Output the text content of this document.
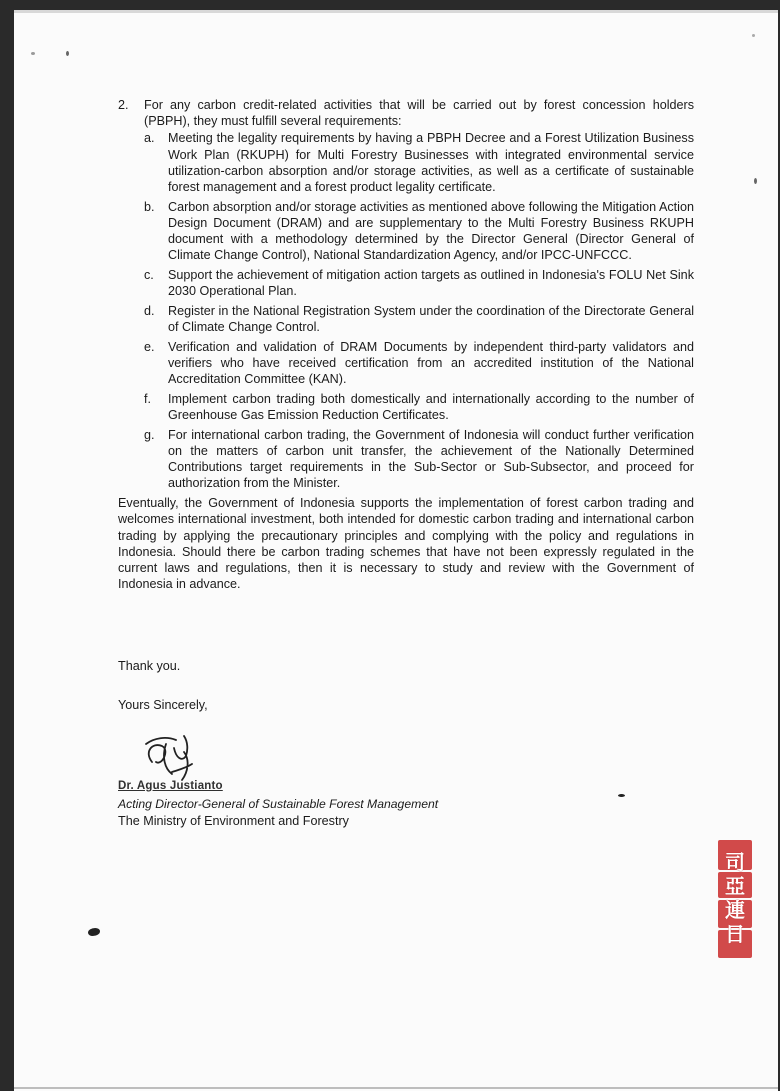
2. For any carbon credit-related activities that will be carried out by forest concession holders (PBPH), they must fulfill several requirements:
a. Meeting the legality requirements by having a PBPH Decree and a Forest Utilization Business Work Plan (RKUPH) for Multi Forestry Businesses with integrated environmental service utilization-carbon absorption and/or storage activities, as well as a certificate of sustainable forest management and a forest product legality certificate.
b. Carbon absorption and/or storage activities as mentioned above following the Mitigation Action Design Document (DRAM) and are supplementary to the Multi Forestry Business RKUPH document with a methodology determined by the Director General (Director General of Climate Change Control), National Standardization Agency, and/or IPCC-UNFCCC.
c. Support the achievement of mitigation action targets as outlined in Indonesia's FOLU Net Sink 2030 Operational Plan.
d. Register in the National Registration System under the coordination of the Directorate General of Climate Change Control.
e. Verification and validation of DRAM Documents by independent third-party validators and verifiers who have received certification from an accredited institution of the National Accreditation Committee (KAN).
f. Implement carbon trading both domestically and internationally according to the number of Greenhouse Gas Emission Reduction Certificates.
g. For international carbon trading, the Government of Indonesia will conduct further verification on the matters of carbon unit transfer, the achievement of the Nationally Determined Contributions target requirements in the Sub-Sector or Sub-Subsector, and proceed for authorization from the Minister.
Eventually, the Government of Indonesia supports the implementation of forest carbon trading and welcomes international investment, both intended for domestic carbon trading and international carbon trading by applying the precautionary principles and complying with the policy and regulations in Indonesia. Should there be carbon trading schemes that have not been expressly regulated in the current laws and regulations, then it is necessary to study and review with the Government of Indonesia in advance.
Thank you.
Yours Sincerely,
Dr. Agus Justianto
Acting Director-General of Sustainable Forest Management
The Ministry of Environment and Forestry
司亞連日
